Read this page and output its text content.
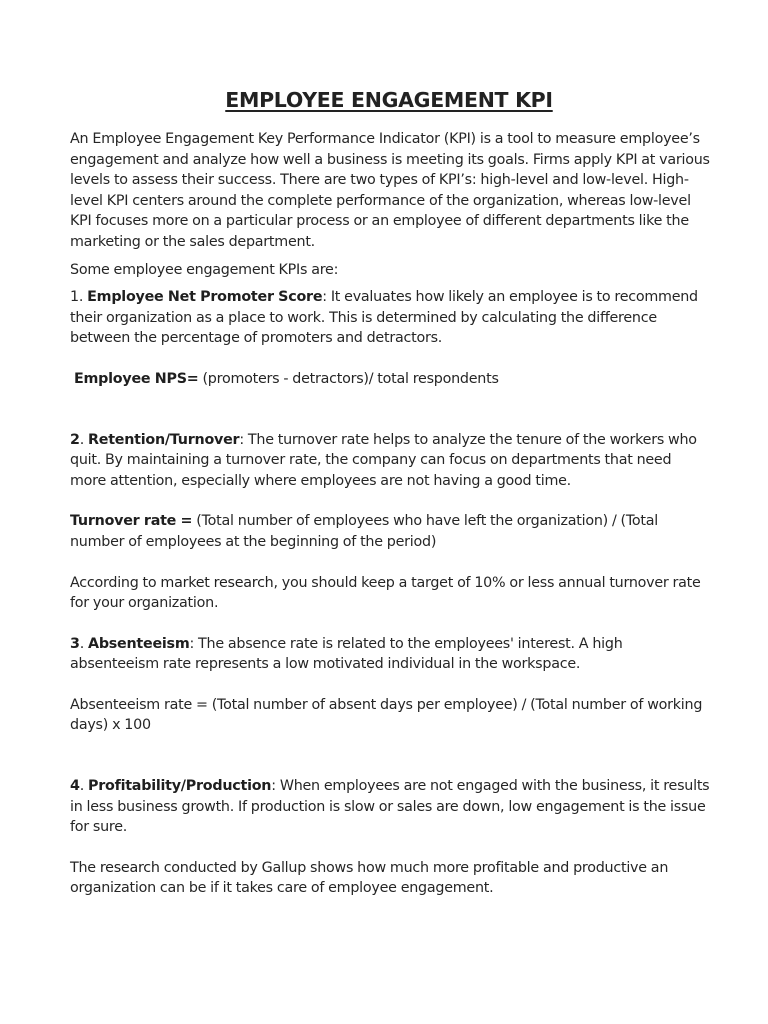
EMPLOYEE ENGAGEMENT KPI

An Employee Engagement Key Performance Indicator (KPI) is a tool to measure employee’s engagement and analyze how well a business is meeting its goals. Firms apply KPI at various levels to assess their success. There are two types of KPI’s: high-level and low-level. High-level KPI centers around the complete performance of the organization, whereas low-level KPI focuses more on a particular process or an employee of different departments like the marketing or the sales department.

Some employee engagement KPIs are:

1. Employee Net Promoter Score: It evaluates how likely an employee is to recommend their organization as a place to work. This is determined by calculating the difference between the percentage of promoters and detractors.

Employee NPS= (promoters - detractors)/ total respondents

2. Retention/Turnover: The turnover rate helps to analyze the tenure of the workers who quit. By maintaining a turnover rate, the company can focus on departments that need more attention, especially where employees are not having a good time.

Turnover rate = (Total number of employees who have left the organization) / (Total number of employees at the beginning of the period)

According to market research, you should keep a target of 10% or less annual turnover rate for your organization.

3. Absenteeism: The absence rate is related to the employees' interest. A high absenteeism rate represents a low motivated individual in the workspace.

Absenteeism rate = (Total number of absent days per employee) / (Total number of working days) x 100

4. Profitability/Production: When employees are not engaged with the business, it results in less business growth. If production is slow or sales are down, low engagement is the issue for sure.

The research conducted by Gallup shows how much more profitable and productive an organization can be if it takes care of employee engagement.
